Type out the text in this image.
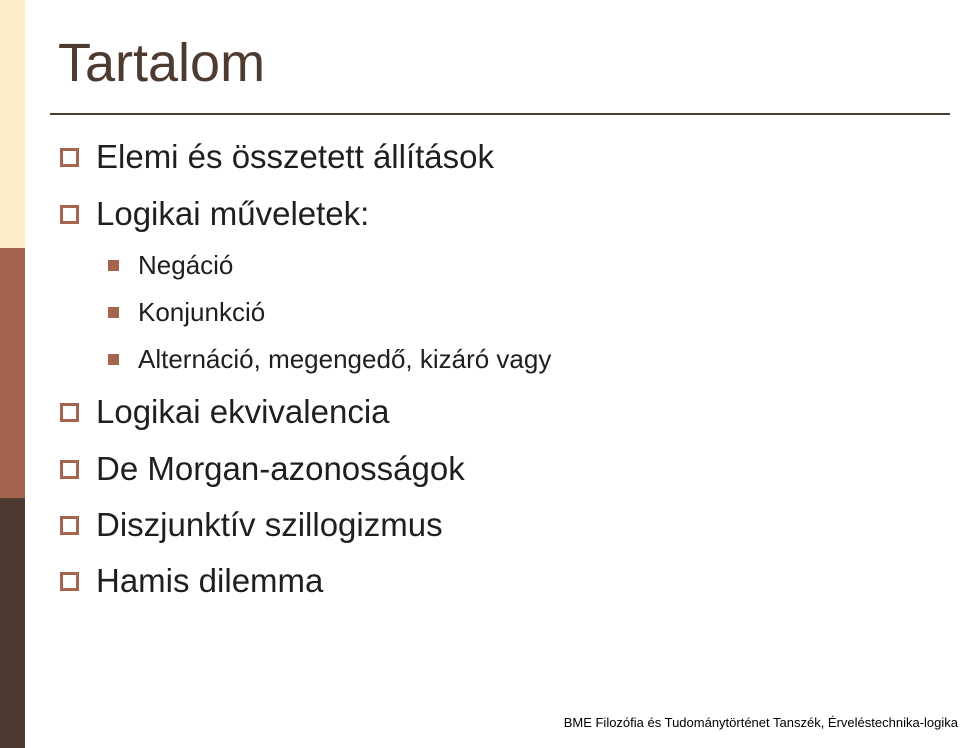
Tartalom
Elemi és összetett állítások
Logikai műveletek:
Negáció
Konjunkció
Alternáció, megengedő, kizáró vagy
Logikai ekvivalencia
De Morgan-azonosságok
Diszjunktív szillogizmus
Hamis dilemma
BME Filozófia és Tudománytörténet Tanszék, Érveléstechnika-logika
